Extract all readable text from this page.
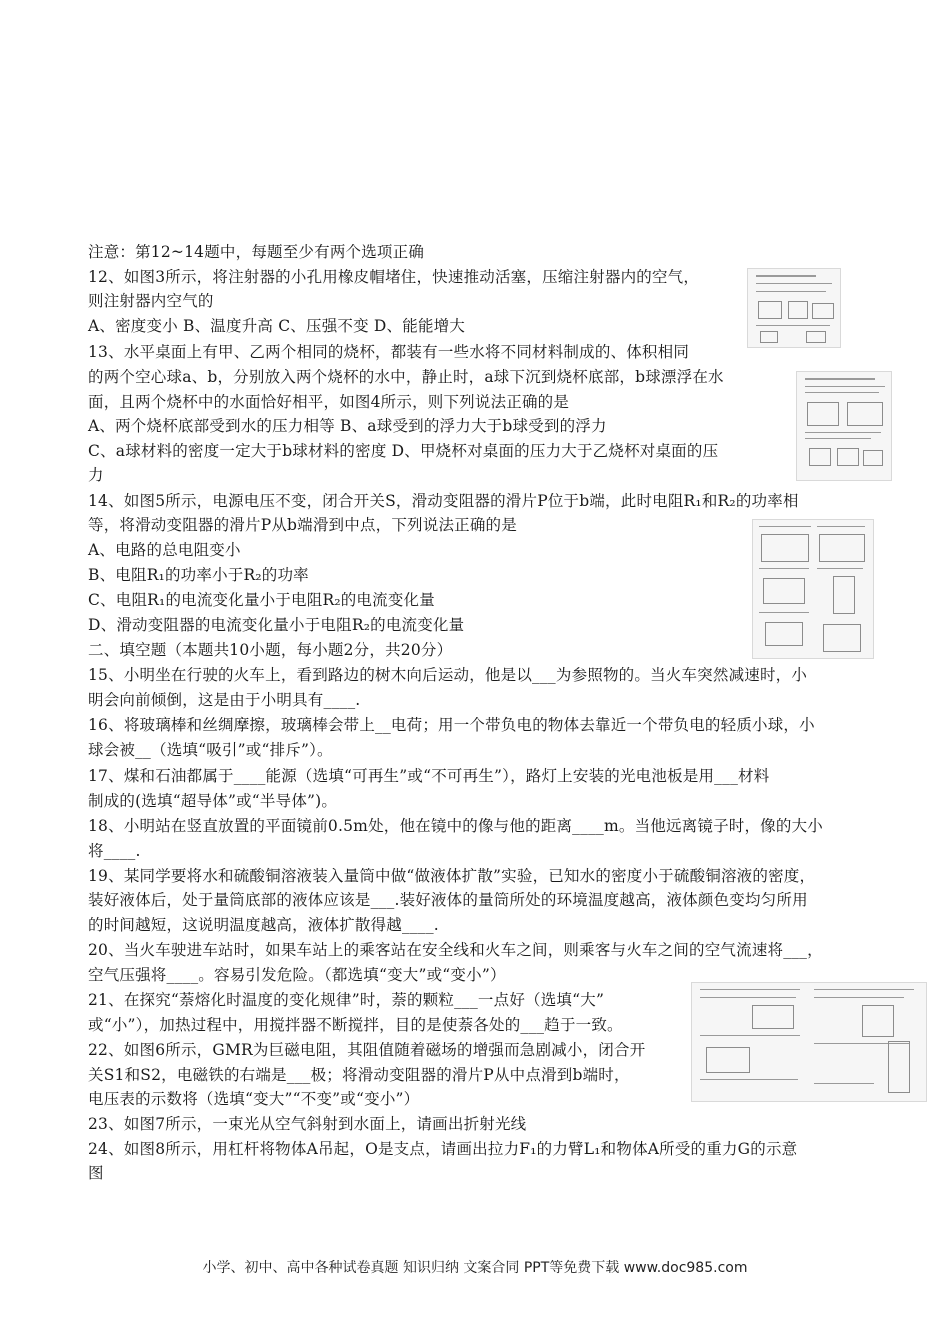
注意：第12~14题中，每题至少有两个选项正确
12、如图3所示，将注射器的小孔用橡皮帽堵住，快速推动活塞，压缩注射器内的空气，
则注射器内空气的
A、密度变小 B、温度升高 C、压强不变 D、能能增大
13、水平桌面上有甲、乙两个相同的烧杯，都装有一些水将不同材料制成的、体积相同
的两个空心球a、b，分别放入两个烧杯的水中，静止时，a球下沉到烧杯底部，b球漂浮在水
面，且两个烧杯中的水面恰好相平，如图4所示，则下列说法正确的是
A、两个烧杯底部受到水的压力相等 B、a球受到的浮力大于b球受到的浮力
C、a球材料的密度一定大于b球材料的密度 D、甲烧杯对桌面的压力大于乙烧杯对桌面的压
力
14、如图5所示，电源电压不变，闭合开关S，滑动变阻器的滑片P位于b端，此时电阻R₁和R₂的功率相
等，将滑动变阻器的滑片P从b端滑到中点，下列说法正确的是
A、电路的总电阻变小
B、电阻R₁的功率小于R₂的功率
C、电阻R₁的电流变化量小于电阻R₂的电流变化量
D、滑动变阻器的电流变化量小于电阻R₂的电流变化量
二、填空题（本题共10小题，每小题2分，共20分）
15、小明坐在行驶的火车上，看到路边的树木向后运动，他是以___为参照物的。当火车突然减速时，小
明会向前倾倒，这是由于小明具有____.
16、将玻璃棒和丝绸摩擦，玻璃棒会带上__电荷；用一个带负电的物体去靠近一个带负电的轻质小球，小
球会被__（选填“吸引”或“排斥”）。
17、煤和石油都属于____能源（选填“可再生”或“不可再生”），路灯上安装的光电池板是用___材料
制成的(选填“超导体”或“半导体”)。
18、小明站在竖直放置的平面镜前0.5m处，他在镜中的像与他的距离____m。当他远离镜子时，像的大小
将____.
19、某同学要将水和硫酸铜溶液装入量筒中做“做液体扩散”实验，已知水的密度小于硫酸铜溶液的密度，
装好液体后，处于量筒底部的液体应该是___.装好液体的量筒所处的环境温度越高，液体颜色变均匀所用
的时间越短，这说明温度越高，液体扩散得越____.
20、当火车驶进车站时，如果车站上的乘客站在安全线和火车之间，则乘客与火车之间的空气流速将___，
空气压强将____。容易引发危险。（都选填“变大”或“变小”）
21、在探究“萘熔化时温度的变化规律”时，萘的颗粒___一点好（选填“大”
或“小”），加热过程中，用搅拌器不断搅拌，目的是使萘各处的___趋于一致。
22、如图6所示，GMR为巨磁电阻，其阻值随着磁场的增强而急剧减小，闭合开
关S1和S2，电磁铁的右端是___极；将滑动变阻器的滑片P从中点滑到b端时，
电压表的示数将（选填“变大”“不变”或“变小”）
23、如图7所示，一束光从空气斜射到水面上，请画出折射光线
24、如图8所示，用杠杆将物体A吊起，O是支点，请画出拉力F₁的力臂L₁和物体A所受的重力G的示意
图
小学、初中、高中各种试卷真题 知识归纳 文案合同 PPT等免费下载 www.doc985.com
